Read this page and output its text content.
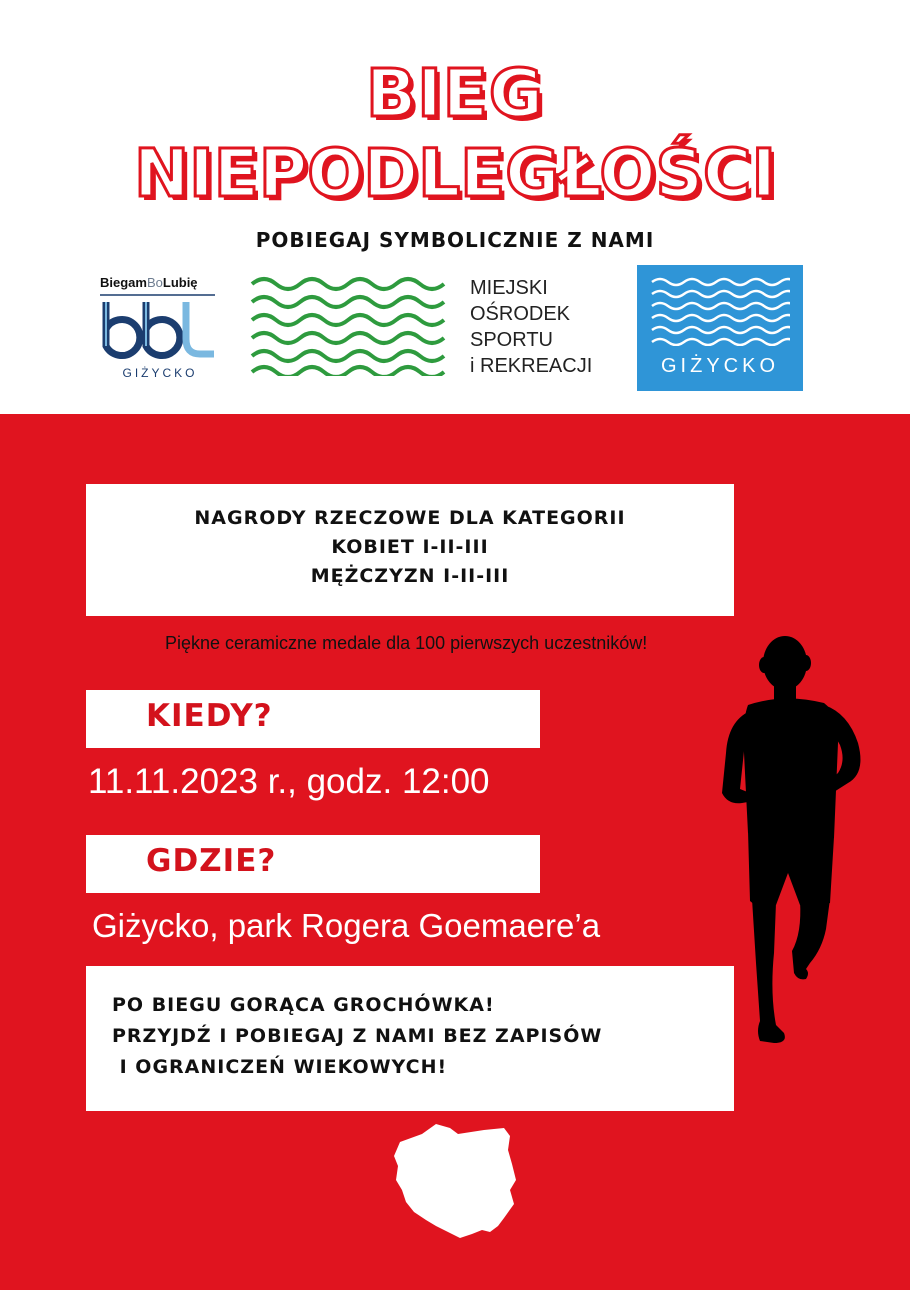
BIEG
NIEPODLEGŁOŚCI
POBIEGAJ SYMBOLICZNIE Z NAMI
BiegamBoLubię
GIŻYCKO
MIEJSKI
OŚRODEK
SPORTU
i REKREACJI	GIŻYCKO

NAGRODY RZECZOWE DLA KATEGORII

KOBIET I-II-III

MĘŻCZYZN I-II-III

Piękne ceramiczne medale dla 100 pierwszych uczestników!
KIEDY?
11.11.2023 r., godz. 12:00
GDZIE?
Giżycko, park Rogera Goemaere’a

PO BIEGU GORĄCA GROCHÓWKA!

PRZYJDŹ I POBIEGAJ Z NAMI BEZ ZAPISÓW

I OGRANICZEŃ WIEKOWYCH!
